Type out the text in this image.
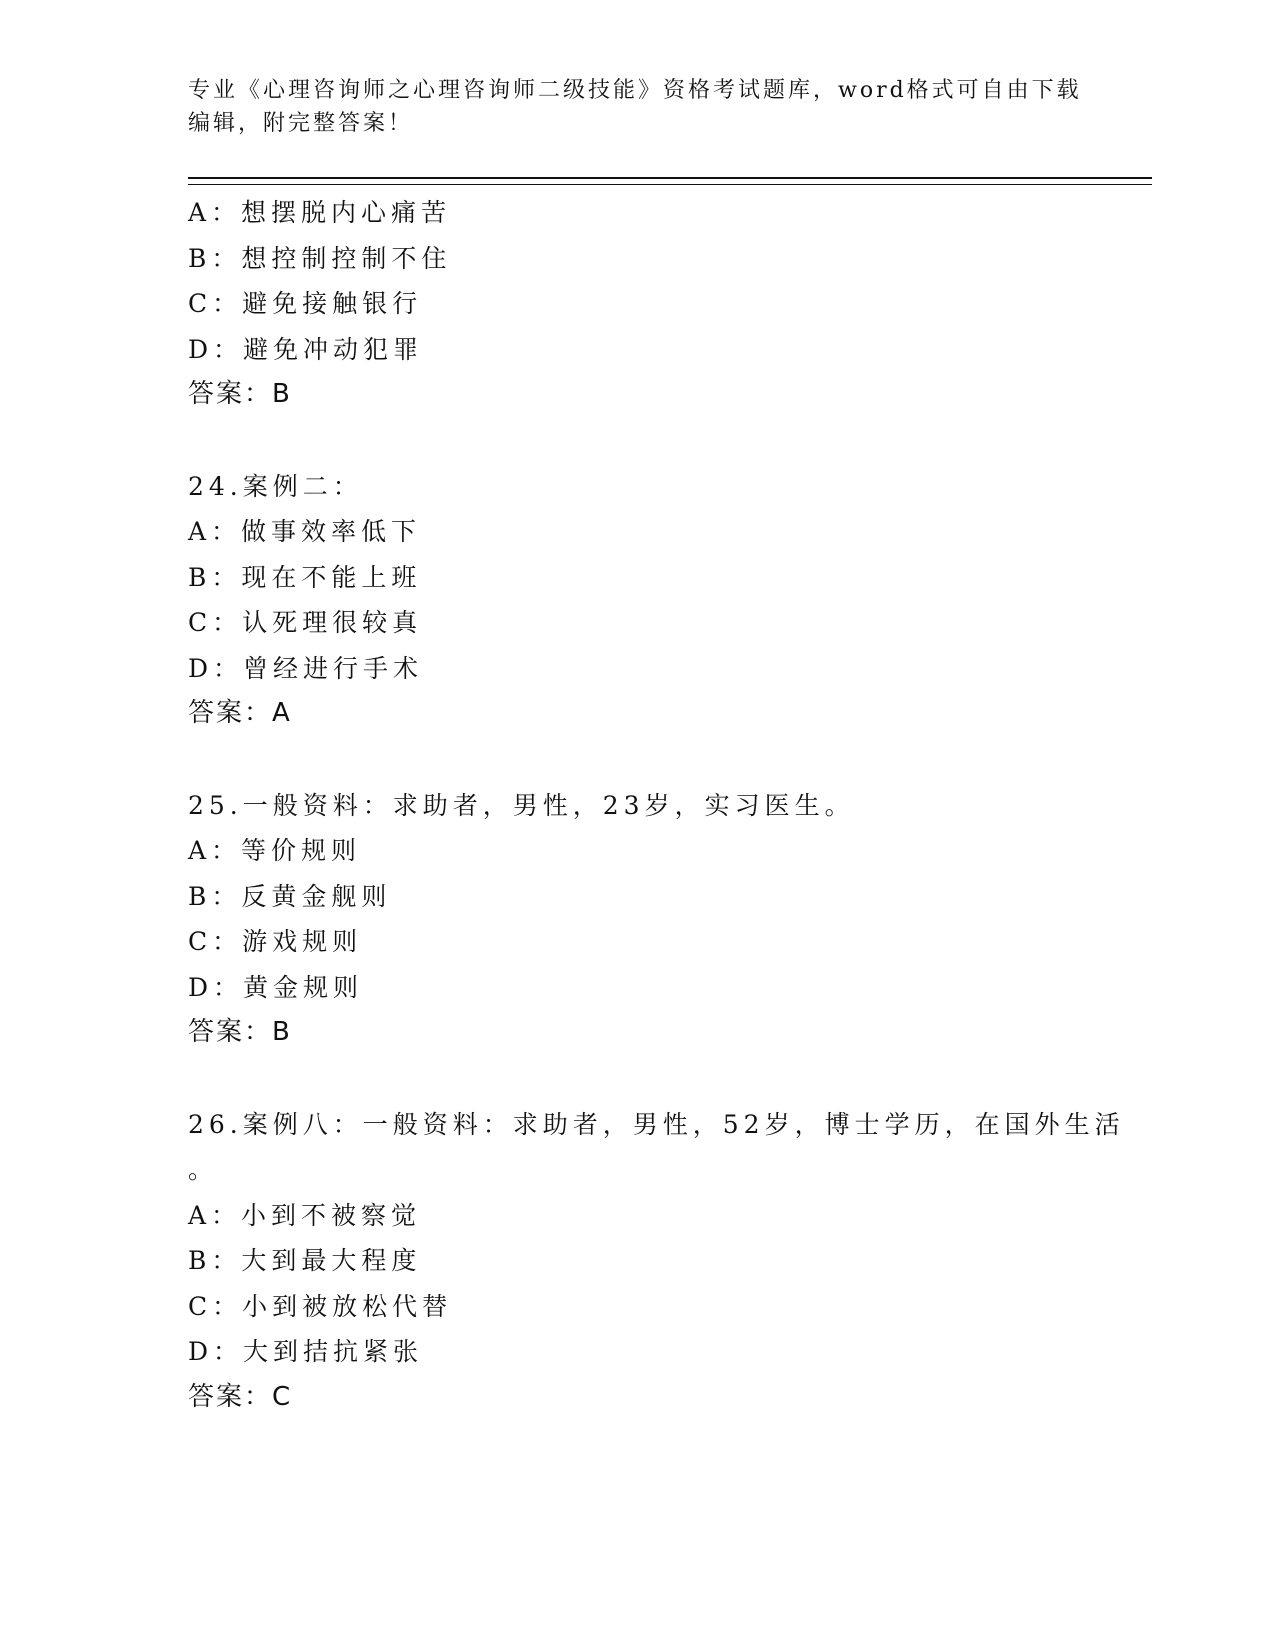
专业《心理咨询师之心理咨询师二级技能》资格考试题库，word格式可自由下载
编辑，附完整答案！
A：想摆脱内心痛苦
B：想控制控制不住
C：避免接触银行
D：避免冲动犯罪
答案：B
24.案例二：
A：做事效率低下
B：现在不能上班
C：认死理很较真
D：曾经进行手术
答案：A
25.一般资料：求助者，男性，23岁，实习医生。
A：等价规则
B：反黄金舰则
C：游戏规则
D：黄金规则
答案：B
26.案例八：一般资料：求助者，男性，52岁，博士学历，在国外生活
。
A：小到不被察觉
B：大到最大程度
C：小到被放松代替
D：大到拮抗紧张
答案：C
